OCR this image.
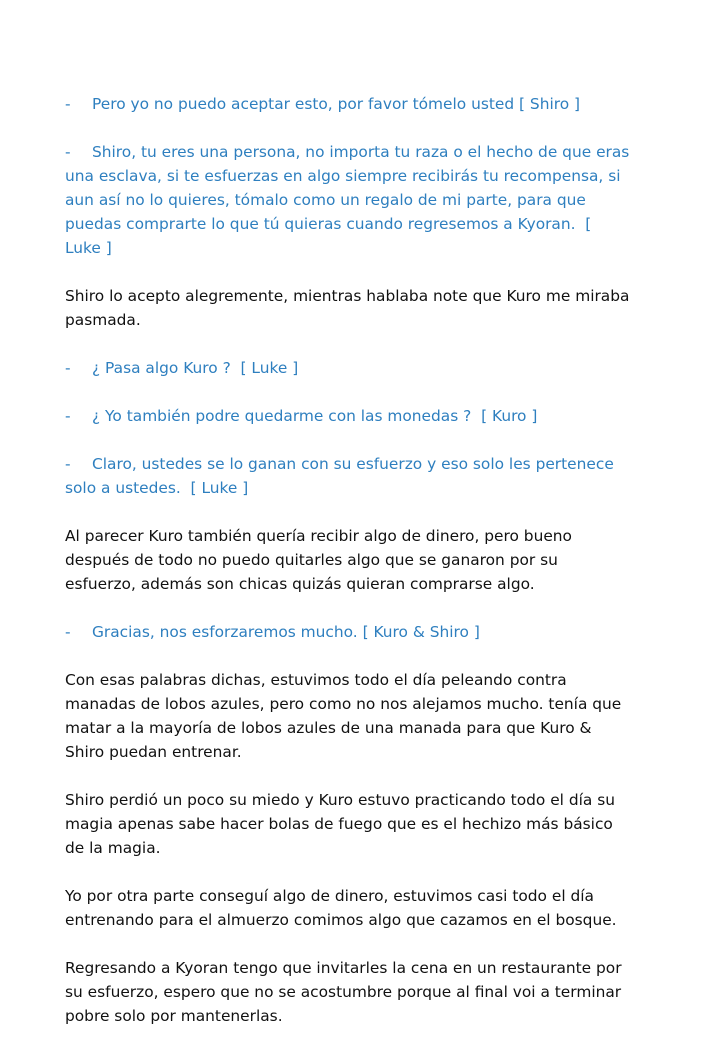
- Pero yo no puedo aceptar esto, por favor tómelo usted [ Shiro ]

- Shiro, tu eres una persona, no importa tu raza o el hecho de que eras una esclava, si te esfuerzas en algo siempre recibirás tu recompensa, si aun así no lo quieres, tómalo como un regalo de mi parte, para que puedas comprarte lo que tú quieras cuando regresemos a Kyoran.  [ Luke ]

Shiro lo acepto alegremente, mientras hablaba note que Kuro me miraba pasmada.

- ¿ Pasa algo Kuro ?  [ Luke ]

- ¿ Yo también podre quedarme con las monedas ?  [ Kuro ]

- Claro, ustedes se lo ganan con su esfuerzo y eso solo les pertenece solo a ustedes.  [ Luke ]

Al parecer Kuro también quería recibir algo de dinero, pero bueno después de todo no puedo quitarles algo que se ganaron por su esfuerzo, además son chicas quizás quieran comprarse algo.

- Gracias, nos esforzaremos mucho. [ Kuro & Shiro ]

Con esas palabras dichas, estuvimos todo el día peleando contra manadas de lobos azules, pero como no nos alejamos mucho. tenía que matar a la mayoría de lobos azules de una manada para que Kuro & Shiro puedan entrenar.

Shiro perdió un poco su miedo y Kuro estuvo practicando todo el día su magia apenas sabe hacer bolas de fuego que es el hechizo más básico de la magia.

Yo por otra parte conseguí algo de dinero, estuvimos casi todo el día entrenando para el almuerzo comimos algo que cazamos en el bosque.

Regresando a Kyoran tengo que invitarles la cena en un restaurante por su esfuerzo, espero que no se acostumbre porque al final voi a terminar pobre solo por mantenerlas.
